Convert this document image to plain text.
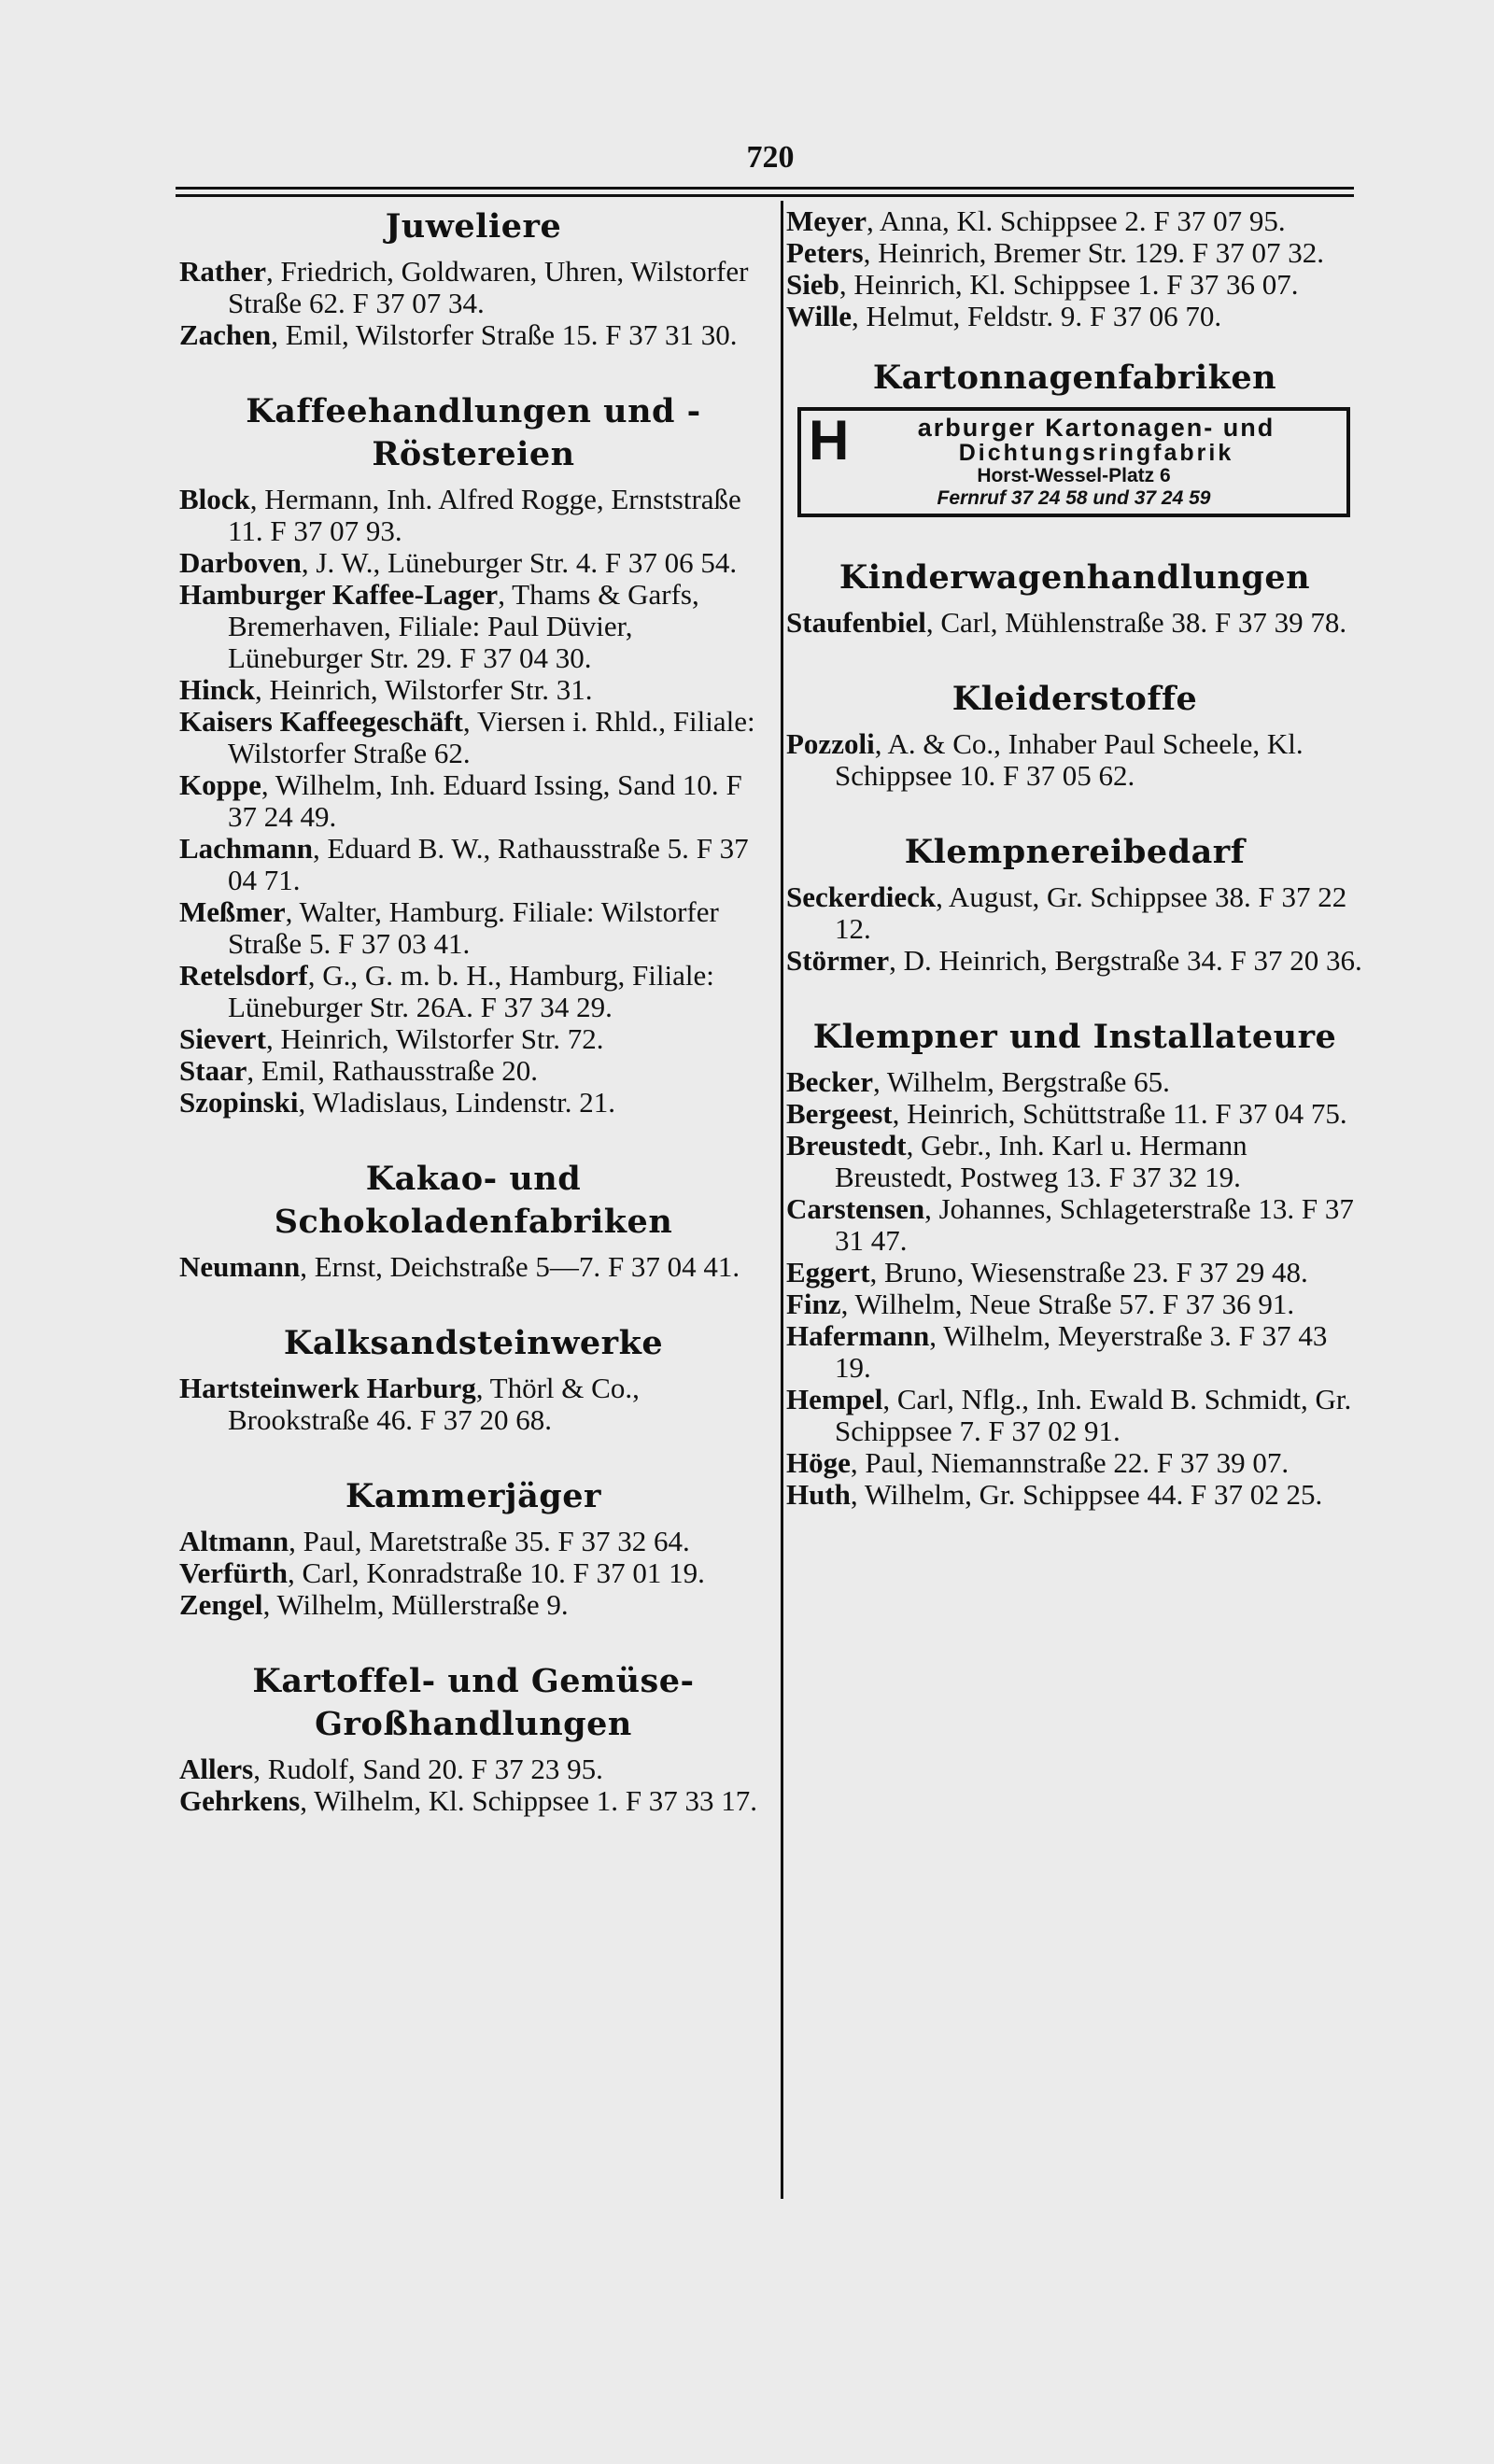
720
Juweliere

Rather, Friedrich, Goldwaren, Uhren, Wilstorfer Straße 62. F 37 07 34.

Zachen, Emil, Wilstorfer Straße 15. F 37 31 30.

Kaffeehandlungen und -Röstereien

Block, Hermann, Inh. Alfred Rogge, Ernststraße 11. F 37 07 93.

Darboven, J. W., Lüneburger Str. 4. F 37 06 54.

Hamburger Kaffee-Lager, Thams & Garfs, Bremerhaven, Filiale: Paul Düvier, Lüneburger Str. 29. F 37 04 30.

Hinck, Heinrich, Wilstorfer Str. 31.

Kaisers Kaffeegeschäft, Viersen i. Rhld., Filiale: Wilstorfer Straße 62.

Koppe, Wilhelm, Inh. Eduard Issing, Sand 10. F 37 24 49.

Lachmann, Eduard B. W., Rathausstraße 5. F 37 04 71.

Meßmer, Walter, Hamburg. Filiale: Wilstorfer Straße 5. F 37 03 41.

Retelsdorf, G., G. m. b. H., Hamburg, Filiale: Lüneburger Str. 26A. F 37 34 29.

Sievert, Heinrich, Wilstorfer Str. 72.

Staar, Emil, Rathausstraße 20.

Szopinski, Wladislaus, Lindenstr. 21.

Kakao- und Schokoladenfabriken

Neumann, Ernst, Deichstraße 5—7. F 37 04 41.

Kalksandsteinwerke

Hartsteinwerk Harburg, Thörl & Co., Brookstraße 46. F 37 20 68.

Kammerjäger

Altmann, Paul, Maretstraße 35. F 37 32 64.

Verfürth, Carl, Konradstraße 10. F 37 01 19.

Zengel, Wilhelm, Müllerstraße 9.

Kartoffel- und Gemüse-Großhandlungen

Allers, Rudolf, Sand 20. F 37 23 95.

Gehrkens, Wilhelm, Kl. Schippsee 1. F 37 33 17.

Meyer, Anna, Kl. Schippsee 2. F 37 07 95.

Peters, Heinrich, Bremer Str. 129. F 37 07 32.

Sieb, Heinrich, Kl. Schippsee 1. F 37 36 07.

Wille, Helmut, Feldstr. 9. F 37 06 70.

Kartonnagenfabriken
H	arburger Kartonagen- und
Dichtungsringfabrik
Horst-Wessel-Platz 6
Fernruf 37 24 58 und 37 24 59
Kinderwagenhandlungen

Staufenbiel, Carl, Mühlenstraße 38. F 37 39 78.

Kleiderstoffe

Pozzoli, A. & Co., Inhaber Paul Scheele, Kl. Schippsee 10. F 37 05 62.

Klempnereibedarf

Seckerdieck, August, Gr. Schippsee 38. F 37 22 12.

Störmer, D. Heinrich, Bergstraße 34. F 37 20 36.

Klempner und Installateure

Becker, Wilhelm, Bergstraße 65.

Bergeest, Heinrich, Schüttstraße 11. F 37 04 75.

Breustedt, Gebr., Inh. Karl u. Hermann Breustedt, Postweg 13. F 37 32 19.

Carstensen, Johannes, Schlageterstraße 13. F 37 31 47.

Eggert, Bruno, Wiesenstraße 23. F 37 29 48.

Finz, Wilhelm, Neue Straße 57. F 37 36 91.

Hafermann, Wilhelm, Meyerstraße 3. F 37 43 19.

Hempel, Carl, Nflg., Inh. Ewald B. Schmidt, Gr. Schippsee 7. F 37 02 91.

Höge, Paul, Niemannstraße 22. F 37 39 07.

Huth, Wilhelm, Gr. Schippsee 44. F 37 02 25.
